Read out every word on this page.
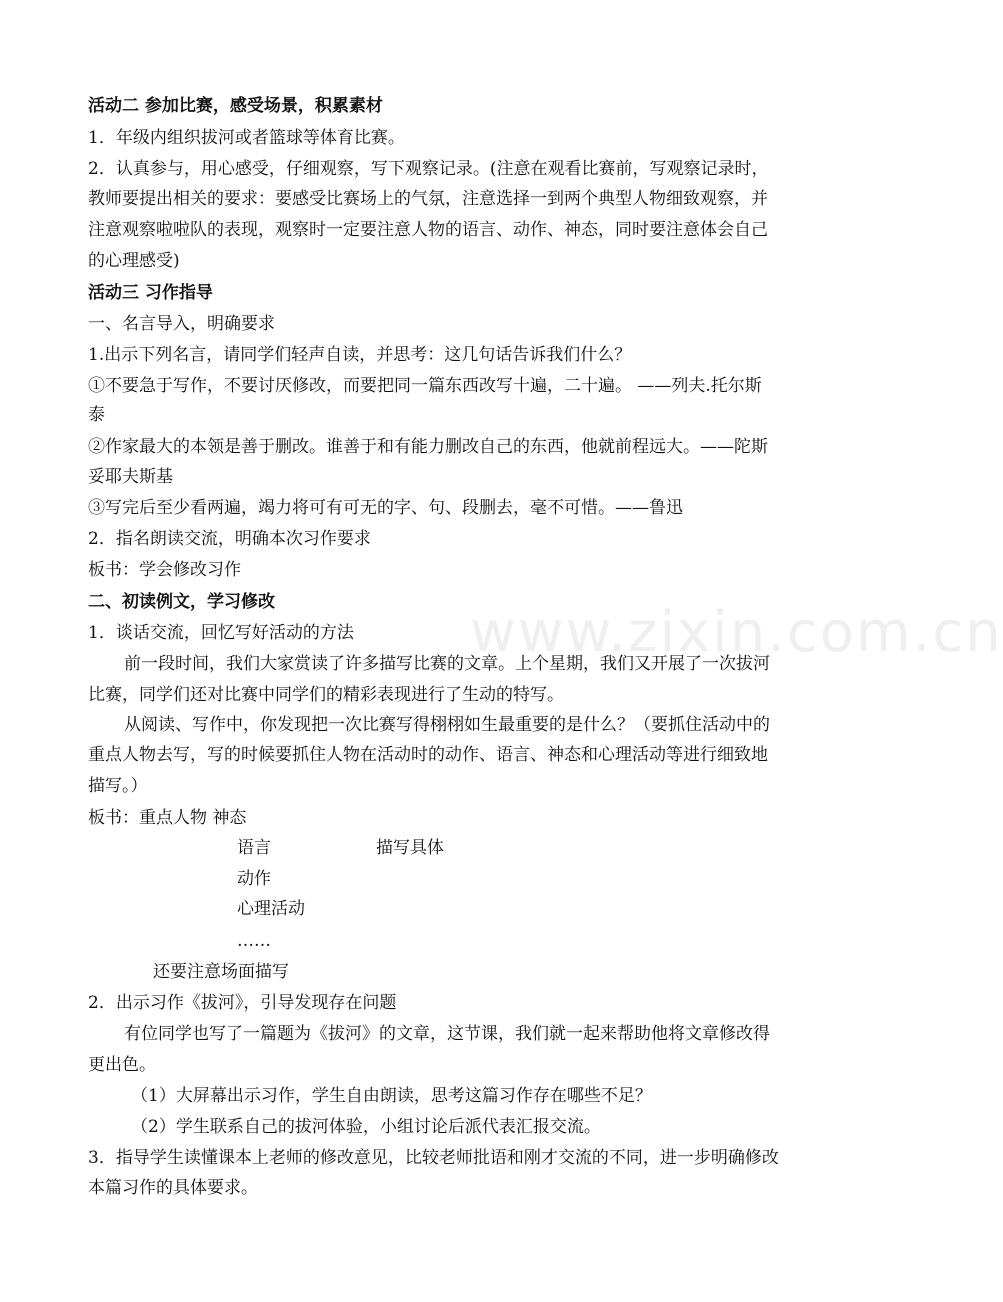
www.zixin.com.cn
活动二 参加比赛，感受场景，积累素材
1．年级内组织拔河或者篮球等体育比赛。
2．认真参与，用心感受，仔细观察，写下观察记录。(注意在观看比赛前，写观察记录时，
教师要提出相关的要求：要感受比赛场上的气氛，注意选择一到两个典型人物细致观察，并
注意观察啦啦队的表现，观察时一定要注意人物的语言、动作、神态，同时要注意体会自己
的心理感受)
活动三 习作指导
一、名言导入，明确要求
1.出示下列名言，请同学们轻声自读，并思考：这几句话告诉我们什么？
①不要急于写作，不要讨厌修改，而要把同一篇东西改写十遍，二十遍。 ——列夫.托尔斯
泰
②作家最大的本领是善于删改。谁善于和有能力删改自己的东西，他就前程远大。——陀斯
妥耶夫斯基
③写完后至少看两遍，竭力将可有可无的字、句、段删去，毫不可惜。——鲁迅
2．指名朗读交流，明确本次习作要求
板书：学会修改习作
二、初读例文，学习修改
1．谈话交流，回忆写好活动的方法
前一段时间，我们大家赏读了许多描写比赛的文章。上个星期，我们又开展了一次拔河
比赛，同学们还对比赛中同学们的精彩表现进行了生动的特写。
从阅读、写作中，你发现把一次比赛写得栩栩如生最重要的是什么？（要抓住活动中的
重点人物去写，写的时候要抓住人物在活动时的动作、语言、神态和心理活动等进行细致地
描写。）
板书：重点人物 神态
语言	描写具体
动作
心理活动
……
还要注意场面描写
2．出示习作《拔河》，引导发现存在问题
有位同学也写了一篇题为《拔河》的文章，这节课，我们就一起来帮助他将文章修改得
更出色。
（1）大屏幕出示习作，学生自由朗读，思考这篇习作存在哪些不足？
（2）学生联系自己的拔河体验，小组讨论后派代表汇报交流。
3．指导学生读懂课本上老师的修改意见，比较老师批语和刚才交流的不同，进一步明确修改
本篇习作的具体要求。
